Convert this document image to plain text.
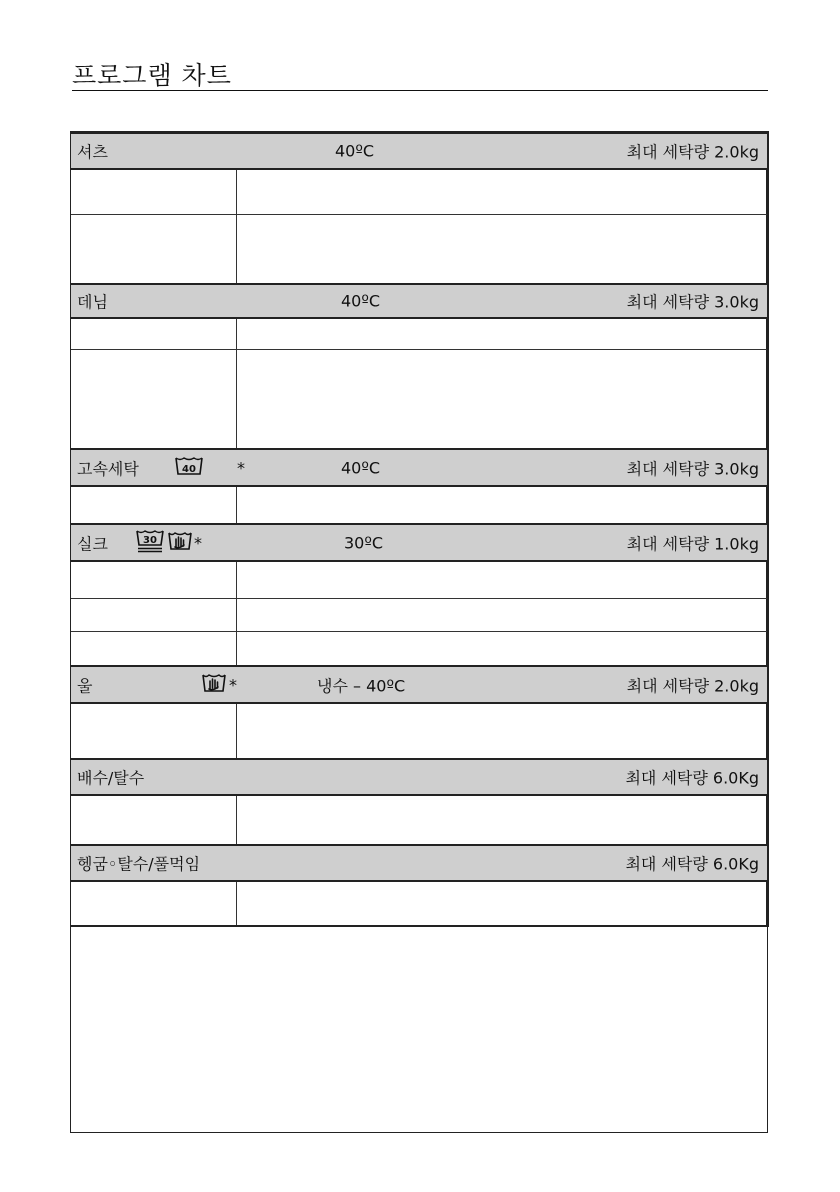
프로그램 차트
셔츠	40ºC	최대 세탁량 2.0kg
데님	40ºC	최대 세탁량 3.0kg
고속세탁	40	*	40ºC	최대 세탁량 3.0kg
실크	30 *	30ºC	최대 세탁량 1.0kg
울	*	냉수 – 40ºC	최대 세탁량 2.0kg
배수/탈수	최대 세탁량 6.0Kg
헹굼◦탈수/풀먹임	최대 세탁량 6.0Kg
